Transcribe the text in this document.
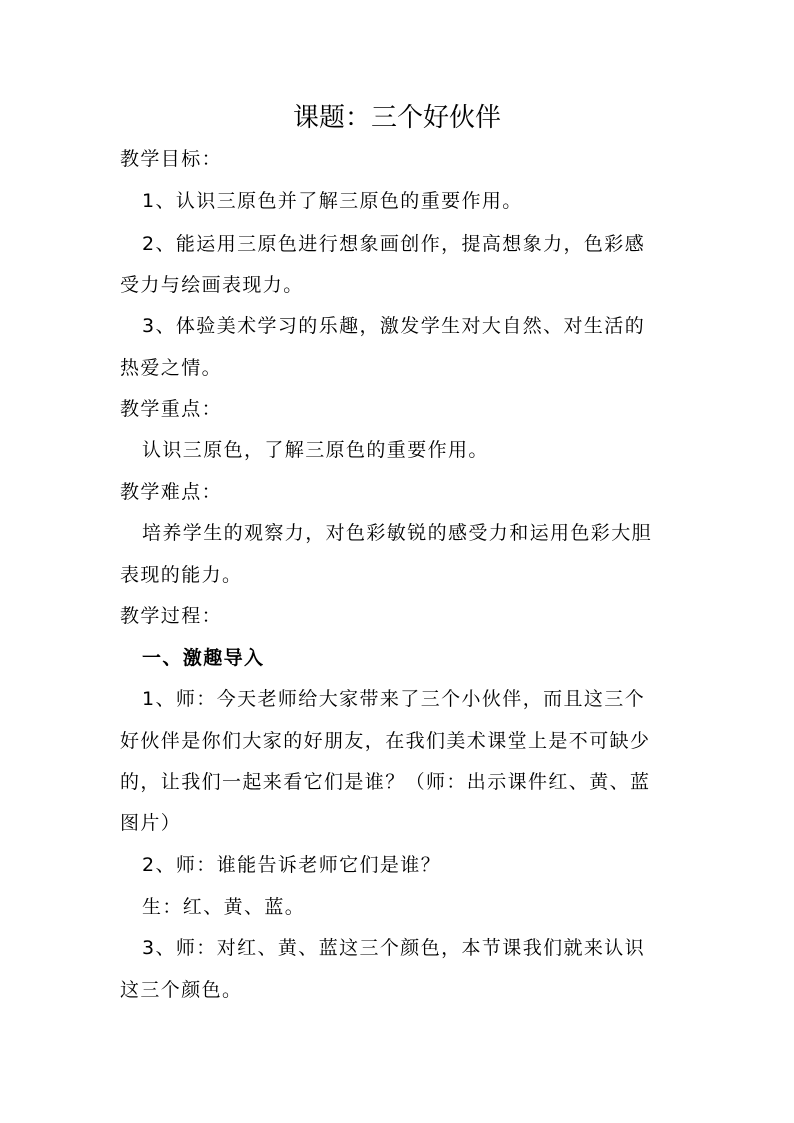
课题：三个好伙伴
教学目标：
1、认识三原色并了解三原色的重要作用。
2、能运用三原色进行想象画创作，提高想象力，色彩感
受力与绘画表现力。
3、体验美术学习的乐趣，激发学生对大自然、对生活的
热爱之情。
教学重点：
认识三原色，了解三原色的重要作用。
教学难点：
培养学生的观察力，对色彩敏锐的感受力和运用色彩大胆
表现的能力。
教学过程：
一、激趣导入
1、师：今天老师给大家带来了三个小伙伴，而且这三个
好伙伴是你们大家的好朋友，在我们美术课堂上是不可缺少
的，让我们一起来看它们是谁？（师：出示课件红、黄、蓝
图片）
2、师：谁能告诉老师它们是谁？
生：红、黄、蓝。
3、师：对红、黄、蓝这三个颜色，本节课我们就来认识
这三个颜色。
